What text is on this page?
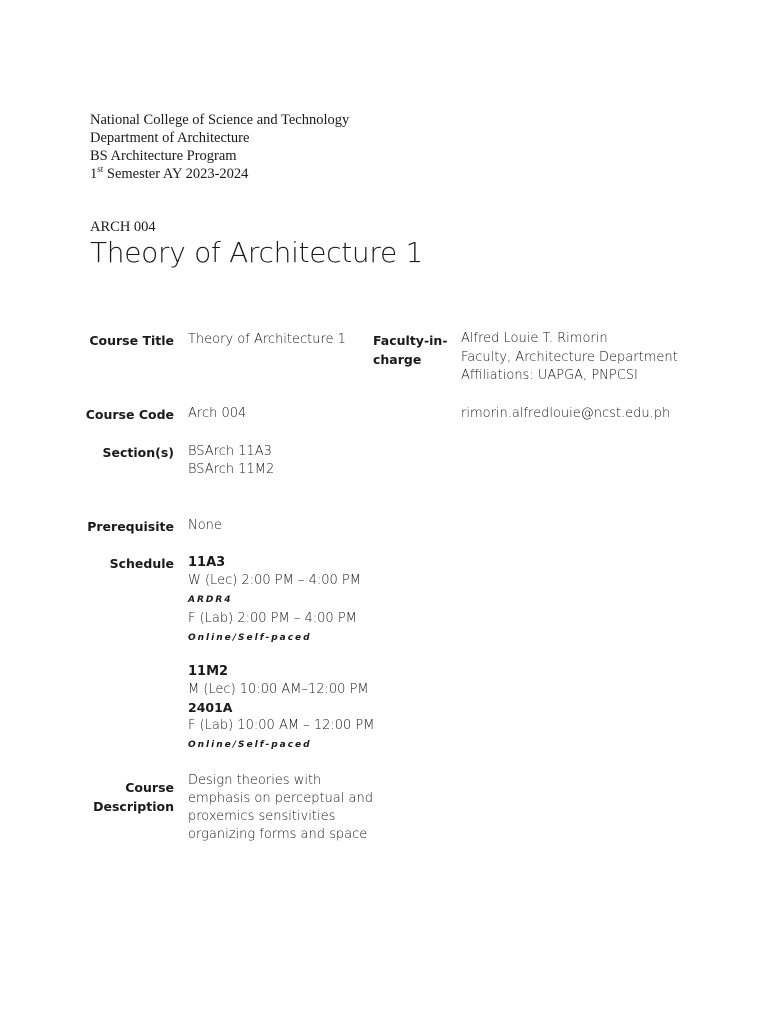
National College of Science and Technology
Department of Architecture
BS Architecture Program
1st Semester AY 2023-2024
ARCH 004
Theory of Architecture 1
Course Title Theory of Architecture 1 Faculty-in-
charge
Alfred Louie T. Rimorin
Faculty, Architecture Department
Affiliations: UAPGA, PNPCSI
Course Code Arch 004	rimorin.alfredlouie@ncst.edu.ph
Section(s) BSArch 11A3
BSArch 11M2
Prerequisite None
Schedule 11A3
W (Lec) 2:00 PM – 4:00 PM
ARDR4
F (Lab) 2:00 PM – 4:00 PM
Online/Self-paced
11M2
M (Lec) 10:00 AM–12:00 PM
2401A
F (Lab) 10:00 AM – 12:00 PM
Online/Self-paced
Course
Description
Design theories with
emphasis on perceptual and
proxemics sensitivities
organizing forms and space
